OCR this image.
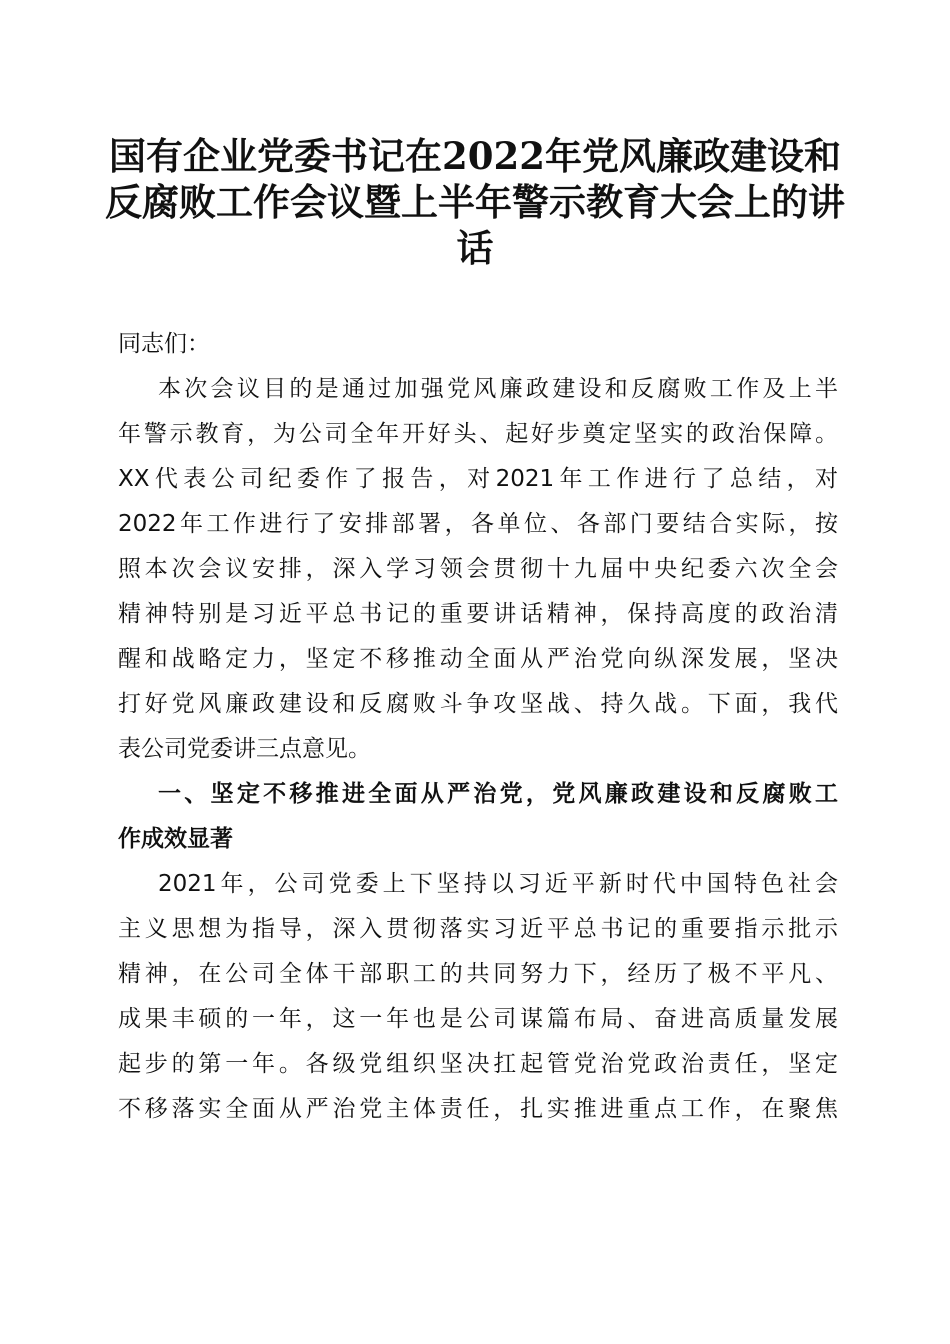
国有企业党委书记在2022年党风廉政建设和
反腐败工作会议暨上半年警示教育大会上的讲
话
同志们：
本次会议目的是通过加强党风廉政建设和反腐败工作及上半
年警示教育，为公司全年开好头、起好步奠定坚实的政治保障。
XX代表公司纪委作了报告，对2021年工作进行了总结，对
2022年工作进行了安排部署，各单位、各部门要结合实际，按
照本次会议安排，深入学习领会贯彻十九届中央纪委六次全会
精神特别是习近平总书记的重要讲话精神，保持高度的政治清
醒和战略定力，坚定不移推动全面从严治党向纵深发展，坚决
打好党风廉政建设和反腐败斗争攻坚战、持久战。下面，我代
表公司党委讲三点意见。
一、坚定不移推进全面从严治党，党风廉政建设和反腐败工
作成效显著
2021年，公司党委上下坚持以习近平新时代中国特色社会
主义思想为指导，深入贯彻落实习近平总书记的重要指示批示
精神，在公司全体干部职工的共同努力下，经历了极不平凡、
成果丰硕的一年，这一年也是公司谋篇布局、奋进高质量发展
起步的第一年。各级党组织坚决扛起管党治党政治责任，坚定
不移落实全面从严治党主体责任，扎实推进重点工作，在聚焦
